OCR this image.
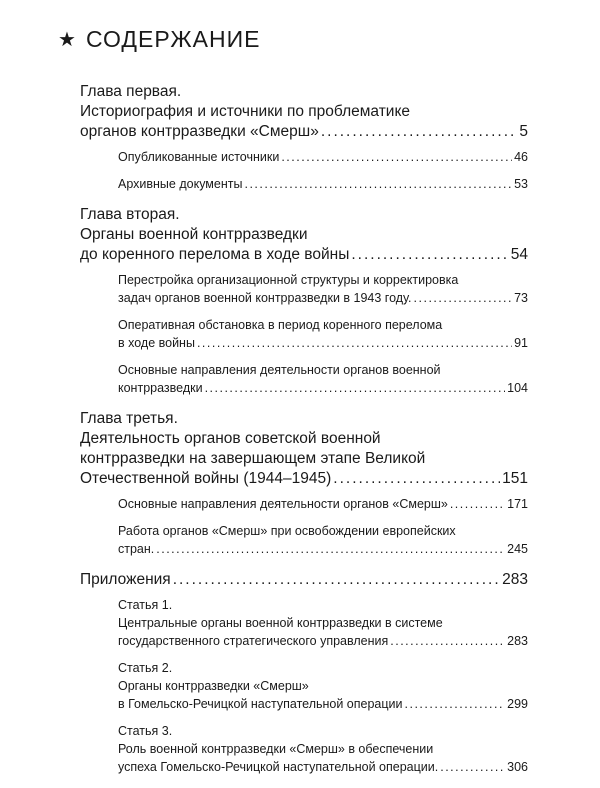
★ СОДЕРЖАНИЕ
Глава первая.
Историография и источники по проблематике
органов контрразведки «Смерш» .....	5
Опубликованные источники .....	46
Архивные документы .....	53
Глава вторая.
Органы военной контрразведки
до коренного перелома в ходе войны .....	54
Перестройка организационной структуры и корректировка
задач органов военной контрразведки в 1943 году. .....	73
Оперативная обстановка в период коренного перелома
в ходе войны .....	91
Основные направления деятельности органов военной
контрразведки .....	104
Глава третья.
Деятельность органов советской военной
контрразведки на завершающем этапе Великой
Отечественной войны (1944–1945) .....	151
Основные направления деятельности органов «Смерш» .....	171
Работа органов «Смерш» при освобождении европейских
стран. .....	245
Приложения .....	283
Статья 1.
Центральные органы военной контрразведки в системе
государственного стратегического управления .....	283
Статья 2.
Органы контрразведки «Смерш»
в Гомельско-Речицкой наступательной операции .....	299
Статья 3.
Роль военной контрразведки «Смерш» в обеспечении
успеха Гомельско-Речицкой наступательной операции. .....	306
